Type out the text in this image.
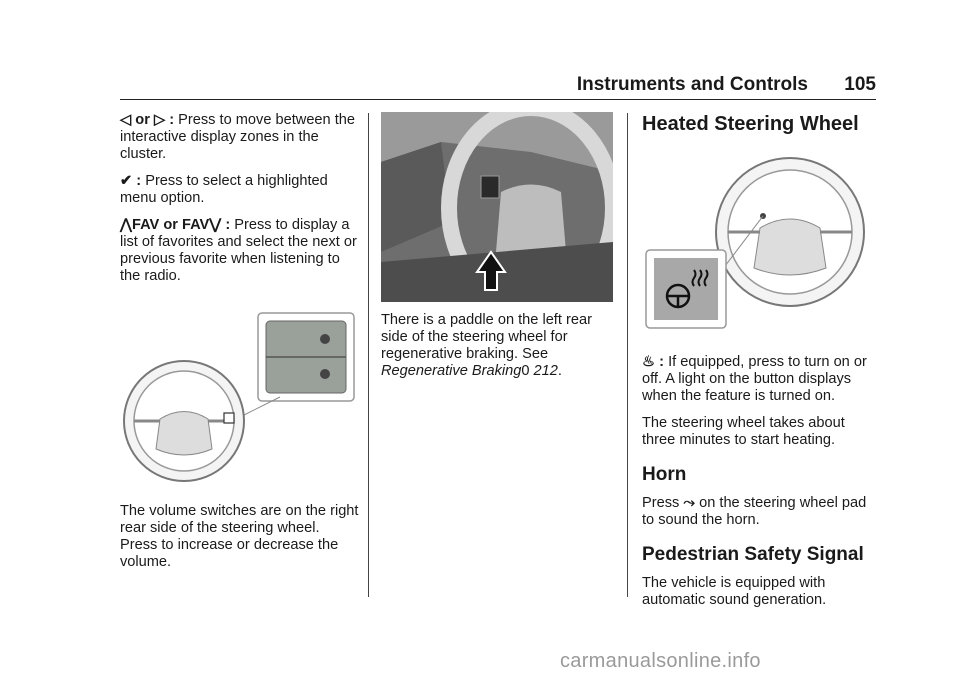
Instruments and Controls 105

◁ or ▷ : Press to move between the interactive display zones in the cluster.

✔ : Press to select a highlighted menu option.

⋀FAV or FAV⋁ : Press to display a list of favorites and select the next or previous favorite when listening to the radio.

The volume switches are on the right rear side of the steering wheel. Press to increase or decrease the volume.

There is a paddle on the left rear side of the steering wheel for regenerative braking. See Regenerative Braking0 212.

Heated Steering Wheel

♨ : If equipped, press to turn on or off. A light on the button displays when the feature is turned on.

The steering wheel takes about three minutes to start heating.

Horn

Press ⤳ on the steering wheel pad to sound the horn.

Pedestrian Safety Signal

The vehicle is equipped with automatic sound generation.

carmanualsonline.info
